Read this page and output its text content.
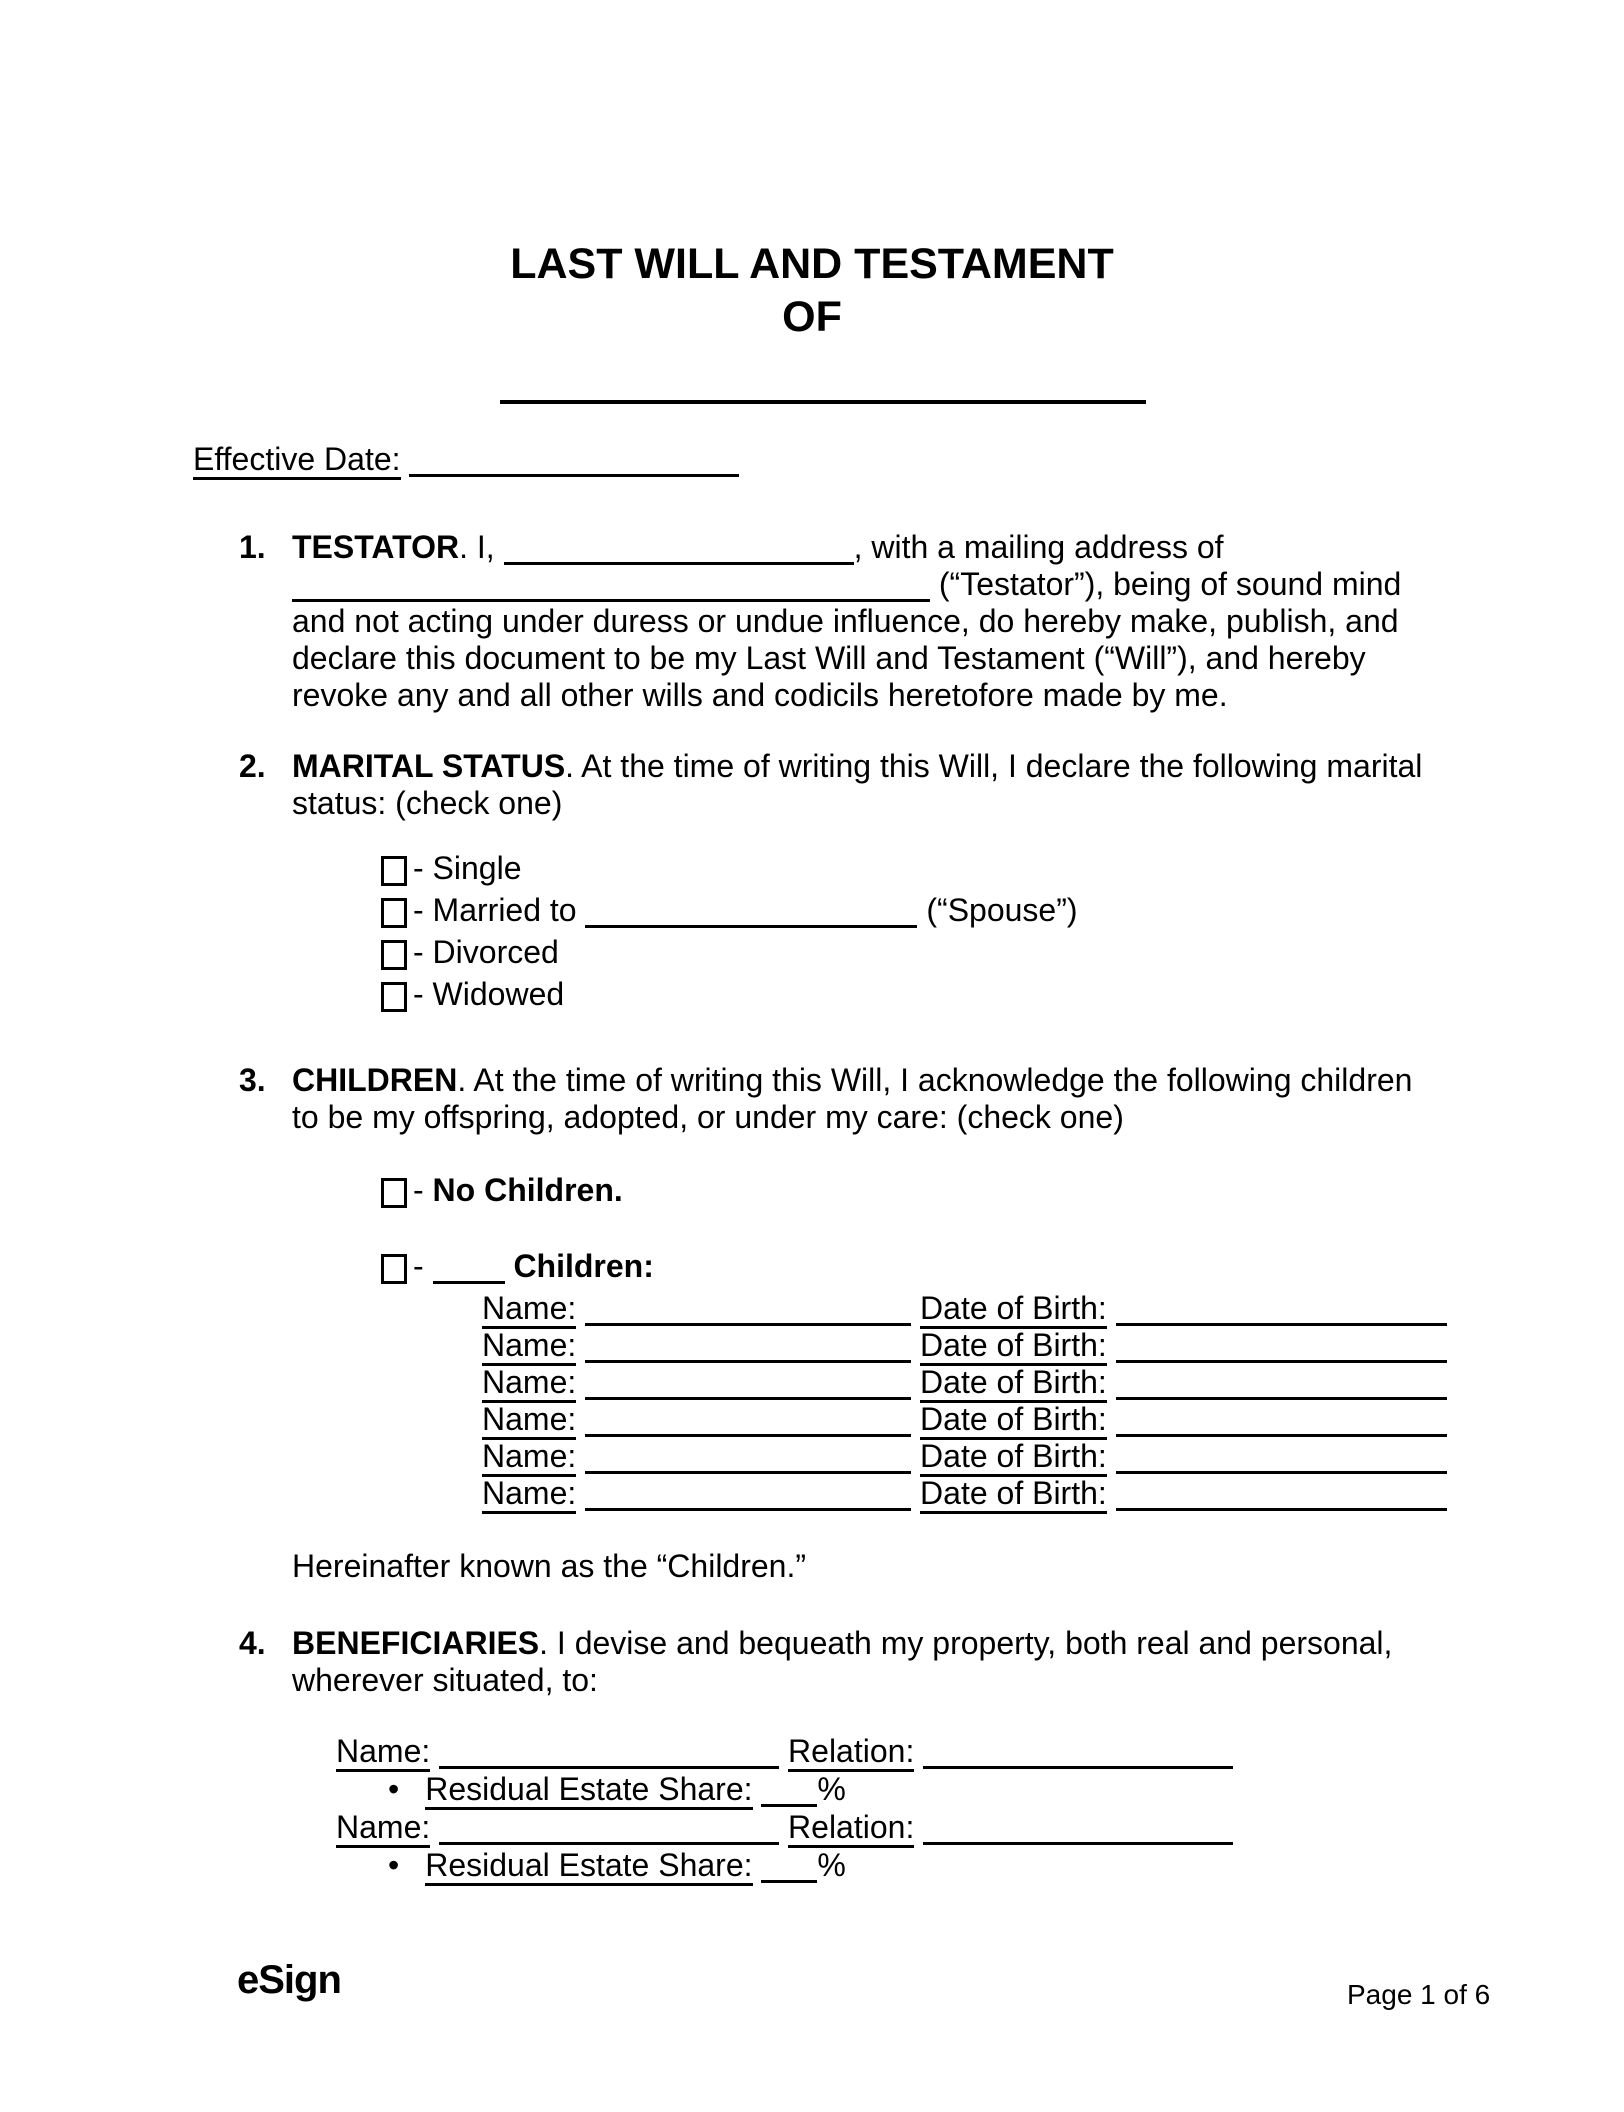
LAST WILL AND TESTAMENT
OF
Effective Date:
1. TESTATOR. I,	, with a mailing address of  (“Testator”), being of sound mind and not acting under duress or undue influence, do hereby make, publish, and declare this document to be my Last Will and Testament (“Will”), and hereby revoke any and all other wills and codicils heretofore made by me.
2. MARITAL STATUS. At the time of writing this Will, I declare the following marital status: (check one)
- Single
- Married to	(“Spouse”)
- Divorced
- Widowed
3. CHILDREN. At the time of writing this Will, I acknowledge the following children to be my offspring, adopted, or under my care: (check one)
- No Children.
-	Children:
Name:	Date of Birth:
Name:	Date of Birth:
Name:	Date of Birth:
Name:	Date of Birth:
Name:	Date of Birth:
Name:	Date of Birth:
Hereinafter known as the “Children.”
4. BENEFICIARIES. I devise and bequeath my property, both real and personal, wherever situated, to:
Name:	Relation:
• Residual Estate Share: %
Name:	Relation:
• Residual Estate Share: %
eSign	Page 1 of 6
